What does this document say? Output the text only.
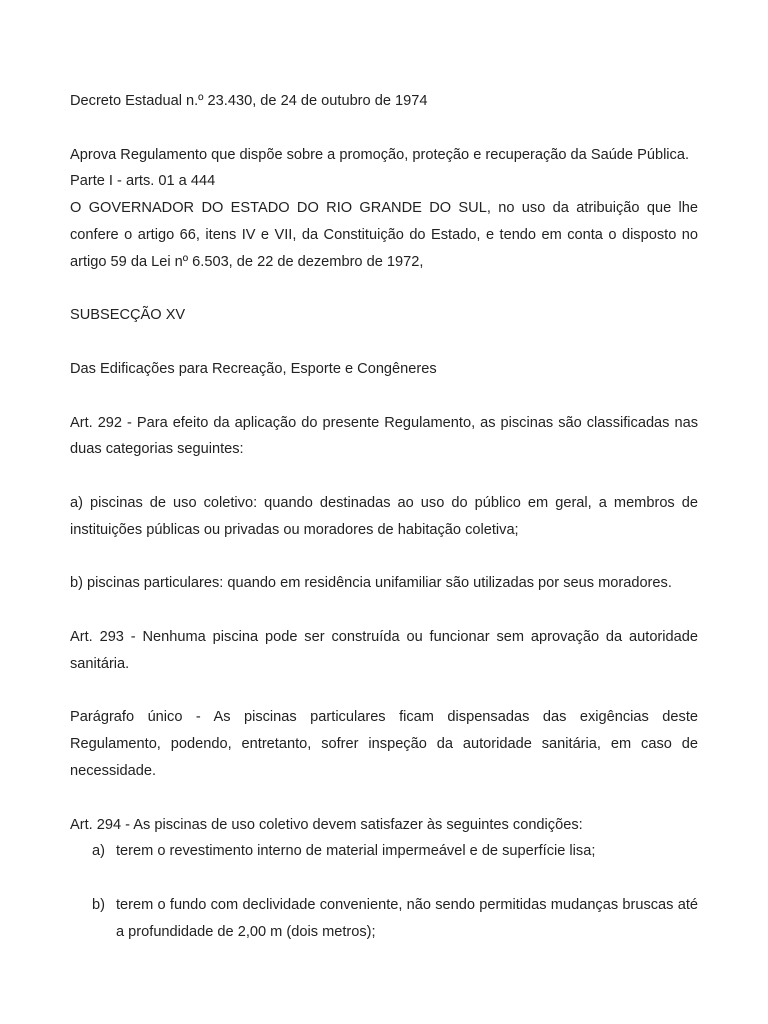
Decreto Estadual n.º 23.430, de 24 de outubro de 1974
Aprova Regulamento que dispõe sobre a promoção, proteção e recuperação da Saúde Pública.
Parte I - arts. 01 a 444
O GOVERNADOR DO ESTADO DO RIO GRANDE DO SUL, no uso da atribuição que lhe confere o artigo 66, itens IV e VII, da Constituição do Estado, e tendo em conta o disposto no artigo 59 da Lei nº 6.503, de 22 de dezembro de 1972,
SUBSECÇÃO XV
Das Edificações para Recreação, Esporte e Congêneres
Art. 292 - Para efeito da aplicação do presente Regulamento, as piscinas são classificadas nas duas categorias seguintes:
a) piscinas de uso coletivo: quando destinadas ao uso do público em geral, a membros de instituições públicas ou privadas ou moradores de habitação coletiva;
b) piscinas particulares: quando em residência unifamiliar são utilizadas por seus moradores.
Art. 293 - Nenhuma piscina pode ser construída ou funcionar sem aprovação da autoridade sanitária.
Parágrafo único - As piscinas particulares ficam dispensadas das exigências deste Regulamento, podendo, entretanto, sofrer inspeção da autoridade sanitária, em caso de necessidade.
Art. 294 - As piscinas de uso coletivo devem satisfazer às seguintes condições:
a) terem o revestimento interno de material impermeável e de superfície lisa;
b) terem o fundo com declividade conveniente, não sendo permitidas mudanças bruscas até a profundidade de 2,00 m (dois metros);
